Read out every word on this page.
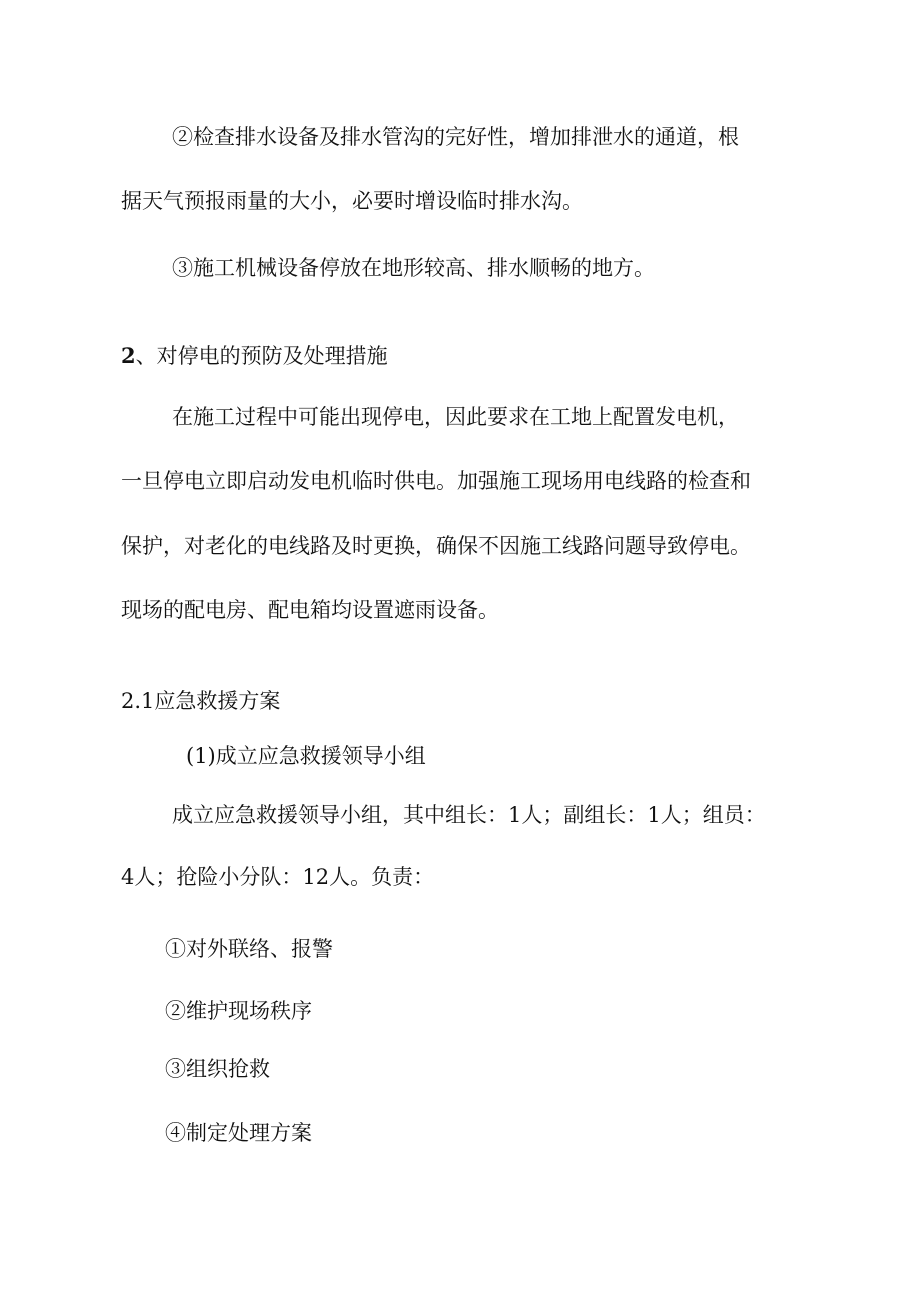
②检查排水设备及排水管沟的完好性，增加排泄水的通道，根
据天气预报雨量的大小，必要时增设临时排水沟。
③施工机械设备停放在地形较高、排水顺畅的地方。
2、对停电的预防及处理措施
在施工过程中可能出现停电，因此要求在工地上配置发电机，
一旦停电立即启动发电机临时供电。加强施工现场用电线路的检查和
保护，对老化的电线路及时更换，确保不因施工线路问题导致停电。
现场的配电房、配电箱均设置遮雨设备。
2.1应急救援方案
(1)成立应急救援领导小组
成立应急救援领导小组，其中组长：1人；副组长：1人；组员：
4人；抢险小分队：12人。负责：
①对外联络、报警
②维护现场秩序
③组织抢救
④制定处理方案
